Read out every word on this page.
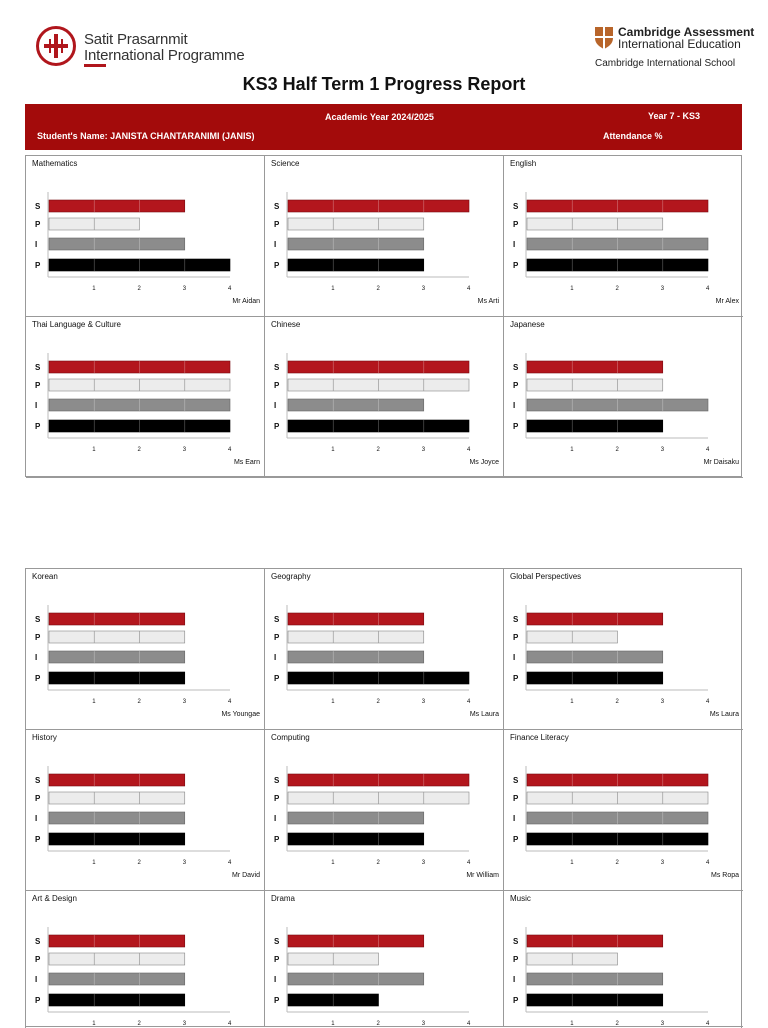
Satit Prasarnmit
International Programme
Cambridge Assessment
International Education
Cambridge International School
KS3 Half Term 1 Progress Report
Academic Year 2024/2025	Year 7 - KS3
Student's Name: JANISTA CHANTARANIMI (JANIS)	Attendance %
S
P
I
P
1	2	3	4
Mathematics
Mr Aidan
S
P
I
P
1	2	3	4
Science
Ms Arti
S
P
I
P
1	2	3	4
English
Mr Alex
S
P
I
P
1	2	3	4
Thai Language & Culture
Ms Earn
S
P
I
P
1	2	3	4
Chinese
Ms Joyce
S
P
I
P
1	2	3	4
Japanese
Mr Daisaku
S
P
I
P
1	2	3	4
Korean
Ms Youngae
S
P
I
P
1	2	3	4
Geography
Ms Laura
S
P
I
P
1	2	3	4
Global Perspectives
Ms Laura
S
P
I
P
1	2	3	4
History
Mr David
S
P
I
P
1	2	3	4
Computing
Mr William
S
P
I
P
1	2	3	4
Finance Literacy
Ms Ropa
S
P
I
P
1	2	3	4
Art & Design
S
P
I
P
1	2	3	4
Drama
S
P
I
P
1	2	3	4
Music
